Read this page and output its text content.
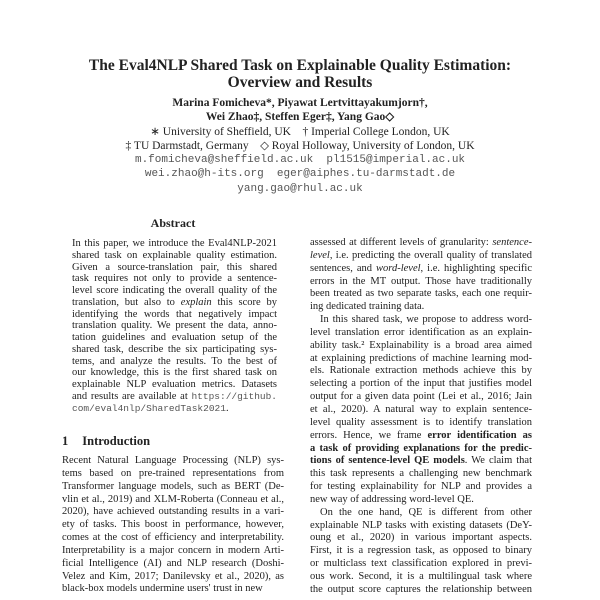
The Eval4NLP Shared Task on Explainable Quality Estimation:
Overview and Results
Marina Fomicheva*, Piyawat Lertvittayakumjorn†,
Wei Zhao‡, Steffen Eger‡, Yang Gao◇
∗ University of Sheffield, UK    † Imperial College London, UK
‡ TU Darmstadt, Germany    ◇ Royal Holloway, University of London, UK
m.fomicheva@sheffield.ac.uk  pl1515@imperial.ac.uk
wei.zhao@h-its.org  eger@aiphes.tu-darmstadt.de
yang.gao@rhul.ac.uk
Abstract
In this paper, we introduce the Eval4NLP-2021
shared task on explainable quality estimation.
Given a source-translation pair, this shared
task requires not only to provide a sentence-
level score indicating the overall quality of the
translation, but also to explain this score by
identifying the words that negatively impact
translation quality. We present the data, anno-
tation guidelines and evaluation setup of the
shared task, describe the six participating sys-
tems, and analyze the results. To the best of
our knowledge, this is the first shared task on
explainable NLP evaluation metrics. Datasets
and results are available at https://github.
com/eval4nlp/SharedTask2021.
1 Introduction
Recent Natural Language Processing (NLP) sys-
tems based on pre-trained representations from
Transformer language models, such as BERT (De-
vlin et al., 2019) and XLM-Roberta (Conneau et al.,
2020), have achieved outstanding results in a vari-
ety of tasks. This boost in performance, however,
comes at the cost of efficiency and interpretability.
Interpretability is a major concern in modern Arti-
ficial Intelligence (AI) and NLP research (Doshi-
Velez and Kim, 2017; Danilevsky et al., 2020), as
black-box models undermine users' trust in new
assessed at different levels of granularity: sentence-
level, i.e. predicting the overall quality of translated
sentences, and word-level, i.e. highlighting specific
errors in the MT output. Those have traditionally
been treated as two separate tasks, each one requir-
ing dedicated training data.
In this shared task, we propose to address word-
level translation error identification as an explain-
ability task.² Explainability is a broad area aimed
at explaining predictions of machine learning mod-
els. Rationale extraction methods achieve this by
selecting a portion of the input that justifies model
output for a given data point (Lei et al., 2016; Jain
et al., 2020). A natural way to explain sentence-
level quality assessment is to identify translation
errors. Hence, we frame error identification as
a task of providing explanations for the predic-
tions of sentence-level QE models. We claim that
this task represents a challenging new benchmark
for testing explainability for NLP and provides a
new way of addressing word-level QE.
On the one hand, QE is different from other
explainable NLP tasks with existing datasets (DeY-
oung et al., 2020) in various important aspects.
First, it is a regression task, as opposed to binary
or multiclass text classification explored in previ-
ous work. Second, it is a multilingual task where
the output score captures the relationship between
